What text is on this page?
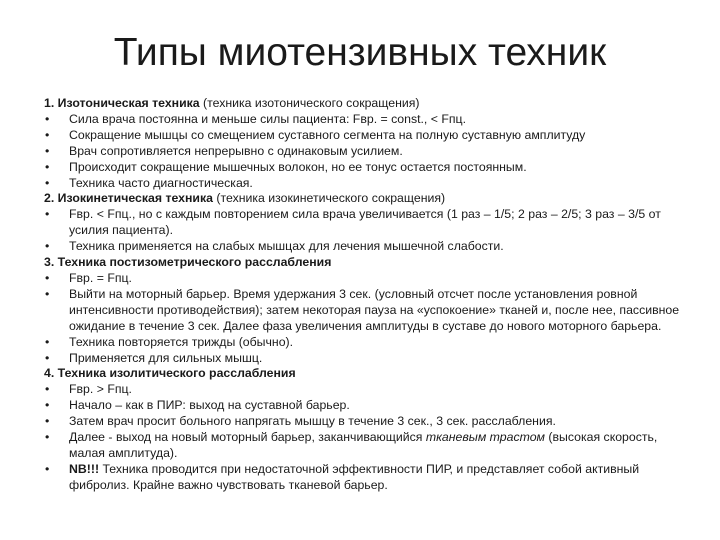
Типы миотензивных техник
1. Изотоническая техника (техника изотонического сокращения)
• Сила врача постоянна и меньше силы пациента: Fвр. = const., < Fпц.
• Сокращение мышцы со смещением суставного сегмента на полную суставную амплитуду
• Врач сопротивляется непрерывно с одинаковым усилием.
• Происходит сокращение мышечных волокон, но ее тонус остается постоянным.
• Техника часто диагностическая.
2. Изокинетическая техника (техника изокинетического сокращения)
• Fвр. < Fпц., но с каждым повторением сила врача увеличивается (1 раз – 1/5; 2 раз – 2/5; 3 раз – 3/5 от усилия пациента).
• Техника применяется на слабых мышцах для лечения мышечной слабости.
3. Техника постизометрического расслабления
• Fвр. = Fпц.
• Выйти на моторный барьер. Время удержания 3 сек. (условный отсчет после установления ровной интенсивности противодействия); затем некоторая пауза на «успокоение» тканей и, после нее, пассивное ожидание в течение 3 сек. Далее фаза увеличения амплитуды в суставе до нового моторного барьера.
• Техника повторяется трижды (обычно).
• Применяется для сильных мышц.
4. Техника изолитического расслабления
• Fвр. > Fпц.
• Начало – как в ПИР: выход на суставной барьер.
• Затем врач просит больного напрягать мышцу в течение 3 сек., 3 сек. расслабления.
• Далее - выход на новый моторный барьер, заканчивающийся тканевым трастом (высокая скорость, малая амплитуда).
• NB!!! Техника проводится при недостаточной эффективности ПИР, и представляет собой активный фибролиз. Крайне важно чувствовать тканевой барьер.
